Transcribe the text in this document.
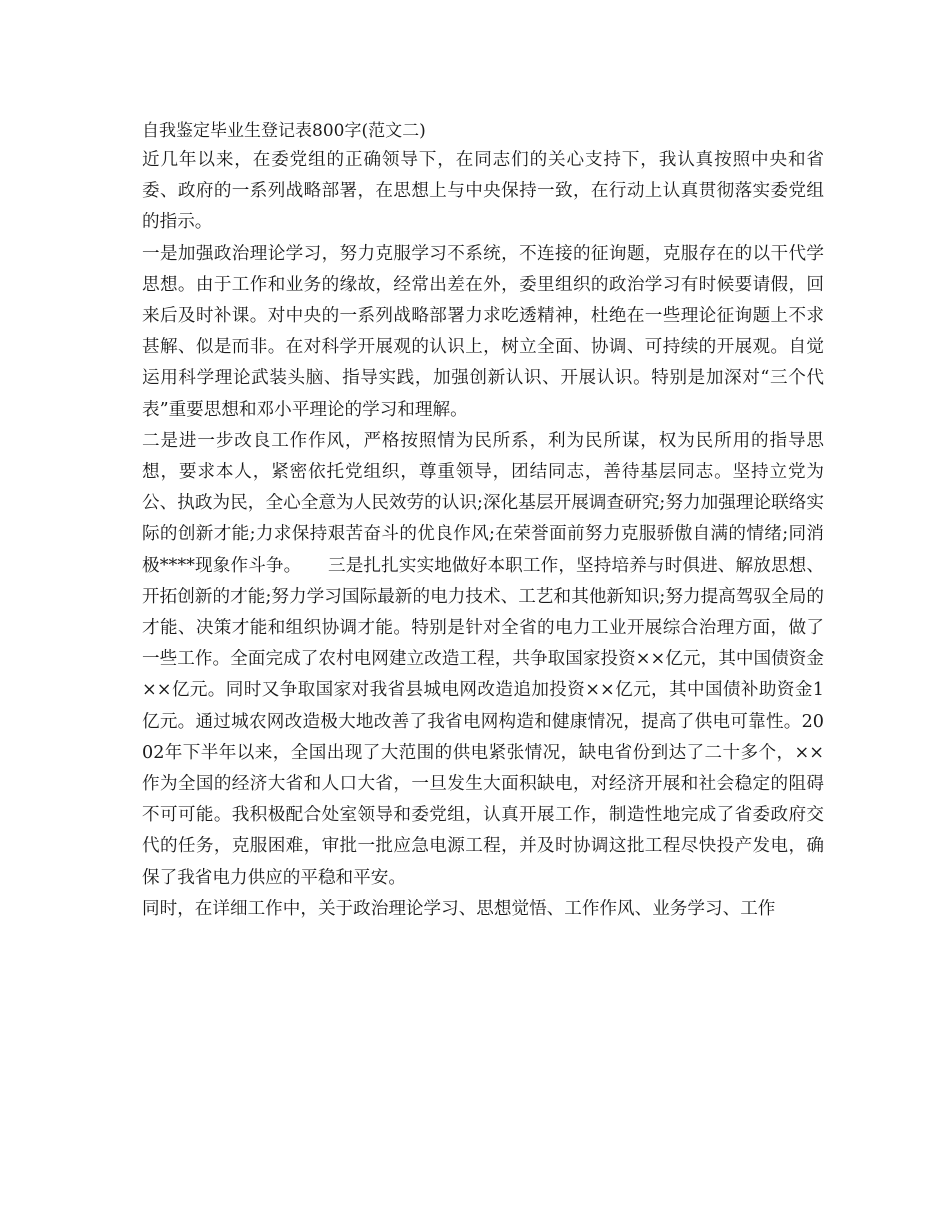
自我鉴定毕业生登记表800字(范文二)

近几年以来，在委党组的正确领导下，在同志们的关心支持下，我认真按照中央和省委、政府的一系列战略部署，在思想上与中央保持一致，在行动上认真贯彻落实委党组的指示。

一是加强政治理论学习，努力克服学习不系统，不连接的征询题，克服存在的以干代学思想。由于工作和业务的缘故，经常出差在外，委里组织的政治学习有时候要请假，回来后及时补课。对中央的一系列战略部署力求吃透精神，杜绝在一些理论征询题上不求甚解、似是而非。在对科学开展观的认识上，树立全面、协调、可持续的开展观。自觉运用科学理论武装头脑、指导实践，加强创新认识、开展认识。特别是加深对“三个代表”重要思想和邓小平理论的学习和理解。

二是进一步改良工作作风，严格按照情为民所系，利为民所谋，权为民所用的指导思想，要求本人，紧密依托党组织，尊重领导，团结同志，善待基层同志。坚持立党为公、执政为民，全心全意为人民效劳的认识;深化基层开展调查研究;努力加强理论联络实际的创新才能;力求保持艰苦奋斗的优良作风;在荣誉面前努力克服骄傲自满的情绪;同消极****现象作斗争。　　三是扎扎实实地做好本职工作，坚持培养与时俱进、解放思想、开拓创新的才能;努力学习国际最新的电力技术、工艺和其他新知识;努力提高驾驭全局的才能、决策才能和组织协调才能。特别是针对全省的电力工业开展综合治理方面，做了一些工作。全面完成了农村电网建立改造工程，共争取国家投资××亿元，其中国债资金××亿元。同时又争取国家对我省县城电网改造追加投资××亿元，其中国债补助资金1亿元。通过城农网改造极大地改善了我省电网构造和健康情况，提高了供电可靠性。2002年下半年以来，全国出现了大范围的供电紧张情况，缺电省份到达了二十多个，××作为全国的经济大省和人口大省，一旦发生大面积缺电，对经济开展和社会稳定的阻碍不可可能。我积极配合处室领导和委党组，认真开展工作，制造性地完成了省委政府交代的任务，克服困难，审批一批应急电源工程，并及时协调这批工程尽快投产发电，确保了我省电力供应的平稳和平安。

同时，在详细工作中，关于政治理论学习、思想觉悟、工作作风、业务学习、工作
